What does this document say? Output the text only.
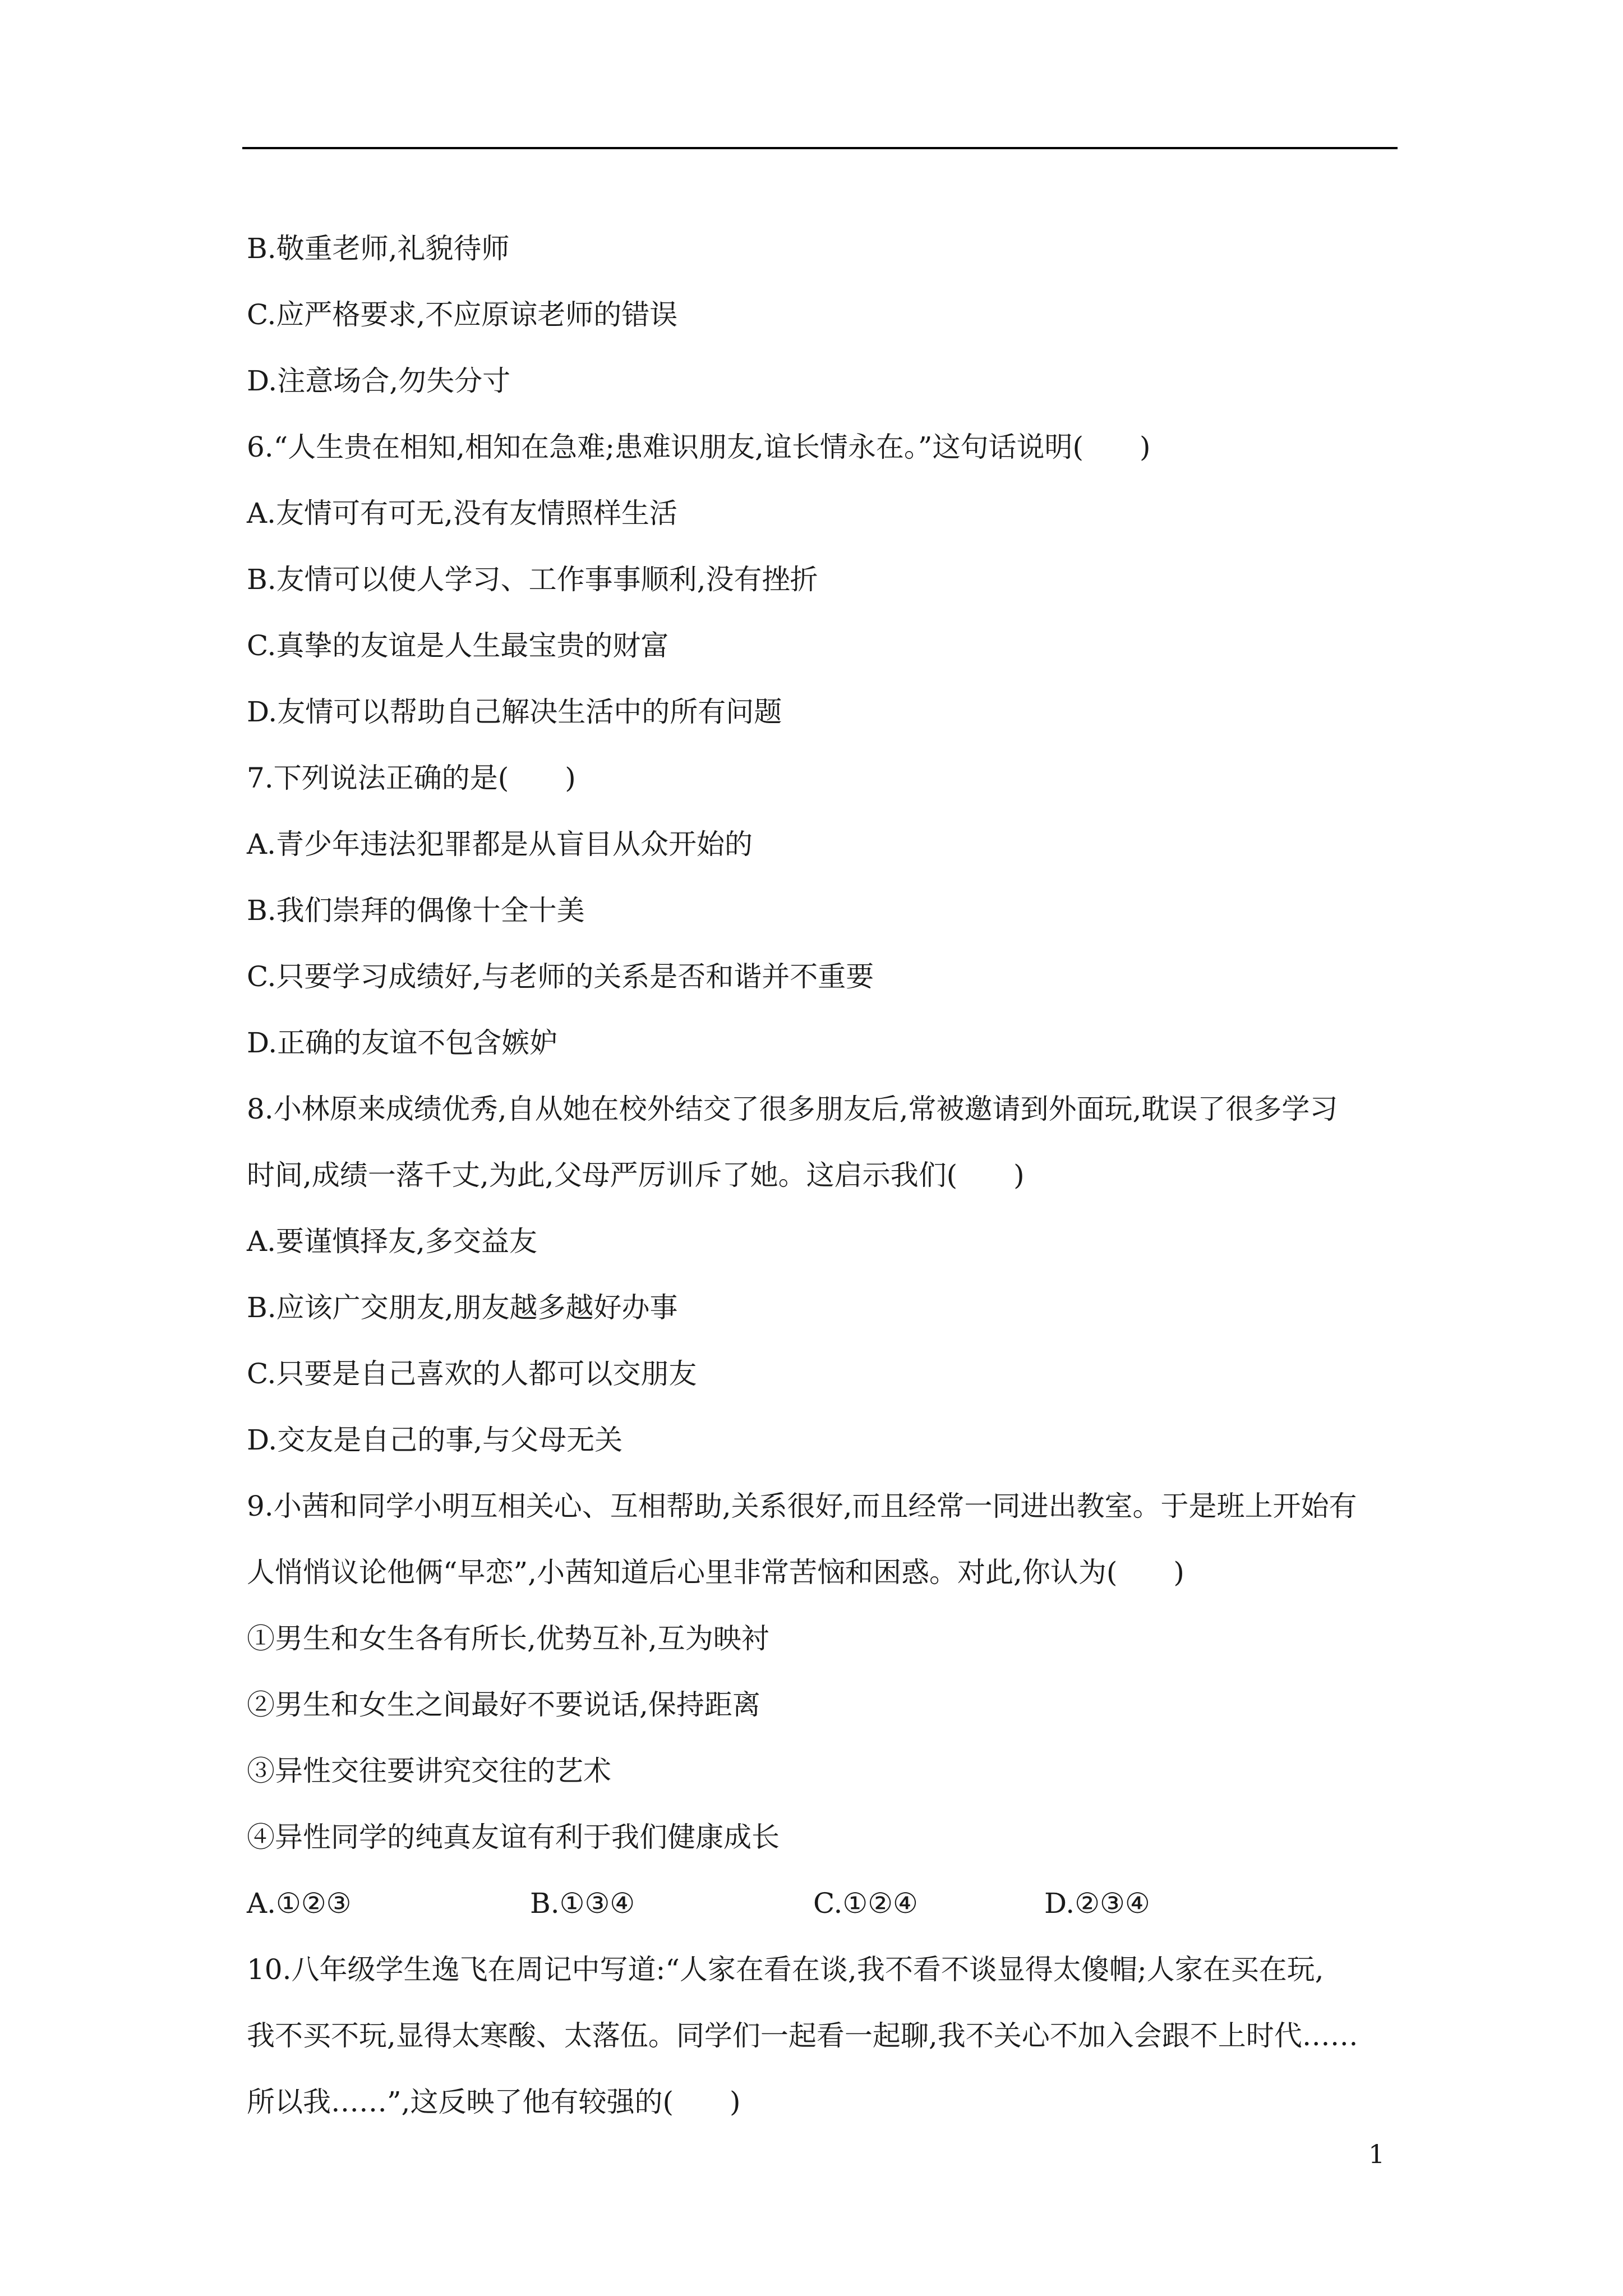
B.敬重老师,礼貌待师
C.应严格要求,不应原谅老师的错误
D.注意场合,勿失分寸
6.“人生贵在相知,相知在急难;患难识朋友,谊长情永在。”这句话说明(　　)
A.友情可有可无,没有友情照样生活
B.友情可以使人学习、工作事事顺利,没有挫折
C.真挚的友谊是人生最宝贵的财富
D.友情可以帮助自己解决生活中的所有问题
7.下列说法正确的是(　　)
A.青少年违法犯罪都是从盲目从众开始的
B.我们崇拜的偶像十全十美
C.只要学习成绩好,与老师的关系是否和谐并不重要
D.正确的友谊不包含嫉妒
8.小林原来成绩优秀,自从她在校外结交了很多朋友后,常被邀请到外面玩,耽误了很多学习
时间,成绩一落千丈,为此,父母严厉训斥了她。这启示我们(　　)
A.要谨慎择友,多交益友
B.应该广交朋友,朋友越多越好办事
C.只要是自己喜欢的人都可以交朋友
D.交友是自己的事,与父母无关
9.小茜和同学小明互相关心、互相帮助,关系很好,而且经常一同进出教室。于是班上开始有
人悄悄议论他俩“早恋”,小茜知道后心里非常苦恼和困惑。对此,你认为(　　)
①男生和女生各有所长,优势互补,互为映衬
②男生和女生之间最好不要说话,保持距离
③异性交往要讲究交往的艺术
④异性同学的纯真友谊有利于我们健康成长
A.①②③	B.①③④	C.①②④	D.②③④
10.八年级学生逸飞在周记中写道:“人家在看在谈,我不看不谈显得太傻帽;人家在买在玩,
我不买不玩,显得太寒酸、太落伍。同学们一起看一起聊,我不关心不加入会跟不上时代……
所以我……”,这反映了他有较强的(　　)
1
